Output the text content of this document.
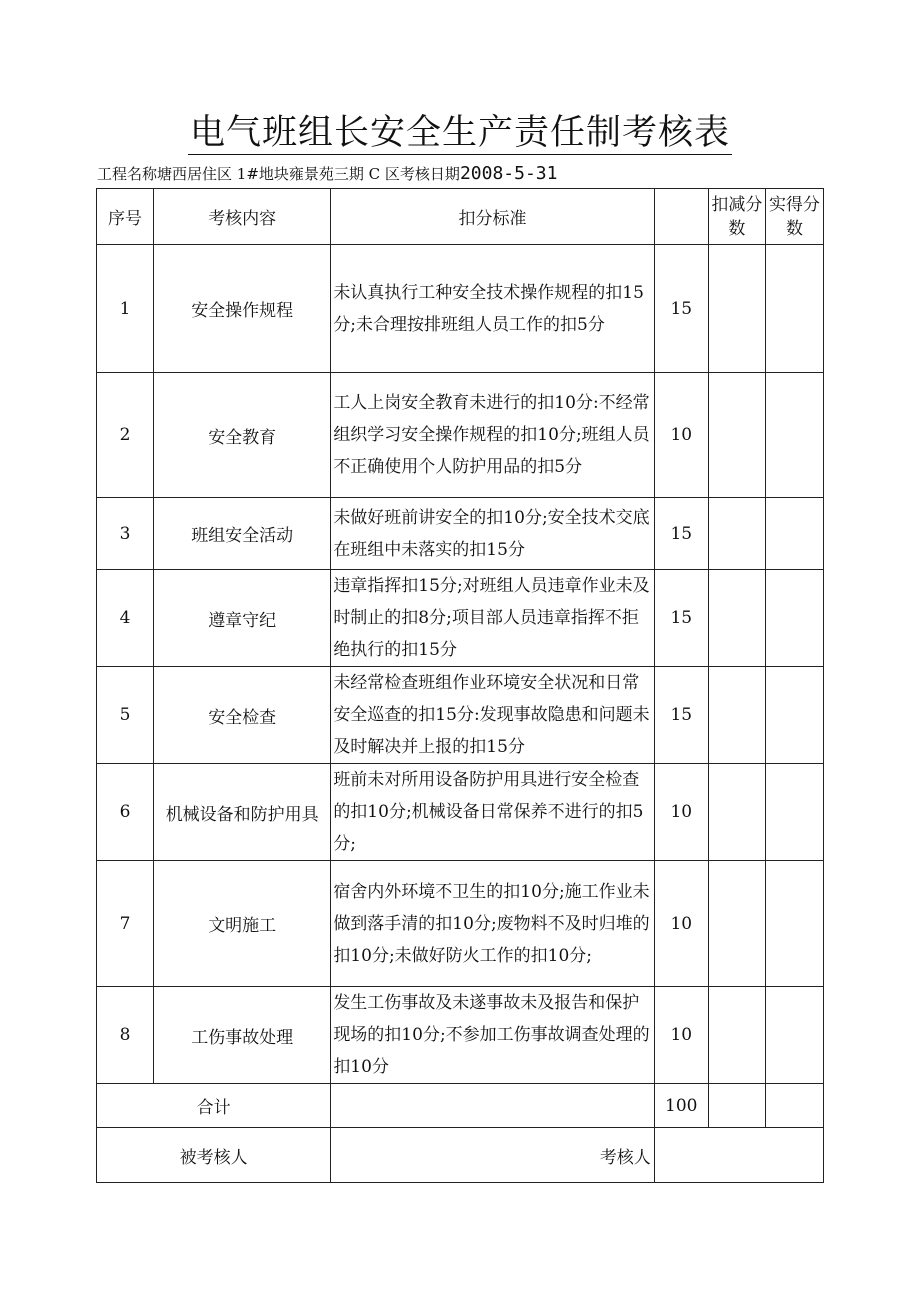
电气班组长安全生产责任制考核表
工程名称塘西居住区 1#地块雍景苑三期 C 区考核日期2008-5-31
序号	考核内容	扣分标准		扣减分数	实得分数
1	安全操作规程	未认真执行工种安全技术操作规程的扣15分;未合理按排班组人员工作的扣5分	15		
2	安全教育	工人上岗安全教育未进行的扣10分:不经常组织学习安全操作规程的扣10分;班组人员不正确使用个人防护用品的扣5分	10		
3	班组安全活动	未做好班前讲安全的扣10分;安全技术交底在班组中未落实的扣15分	15		
4	遵章守纪	违章指挥扣15分;对班组人员违章作业未及时制止的扣8分;项目部人员违章指挥不拒绝执行的扣15分	15		
5	安全检查	未经常检查班组作业环境安全状况和日常安全巡查的扣15分:发现事故隐患和问题未及时解决并上报的扣15分	15		
6	机械设备和防护用具	班前未对所用设备防护用具进行安全检查的扣10分;机械设备日常保养不进行的扣5分;	10		
7	文明施工	宿舍内外环境不卫生的扣10分;施工作业未做到落手清的扣10分;废物料不及时归堆的扣10分;未做好防火工作的扣10分;	10		
8	工伤事故处理	发生工伤事故及未遂事故未及报告和保护现场的扣10分;不参加工伤事故调查处理的扣10分	10		
合计			100		
被考核人		考核人			
